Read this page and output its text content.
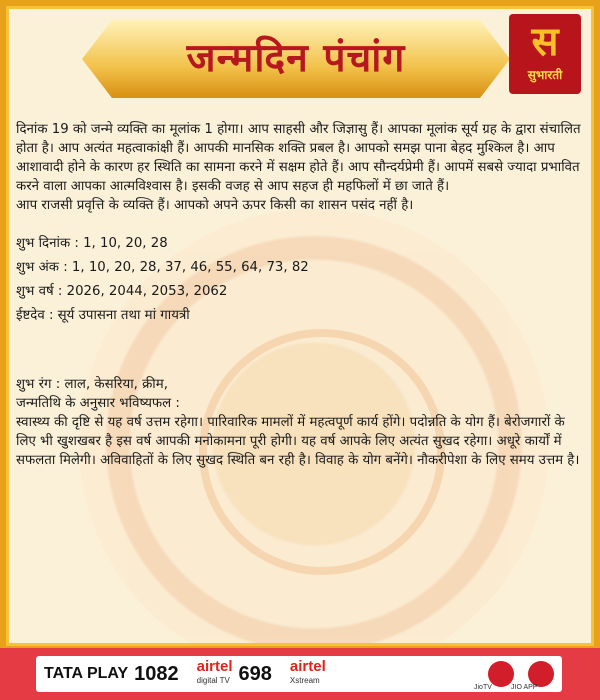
जन्मदिन पंचांग	स
सुभारती

दिनांक 19 को जन्मे व्यक्ति का मूलांक 1 होगा। आप साहसी और जिज्ञासु हैं। आपका मूलांक सूर्य ग्रह के द्वारा संचालित होता है। आप अत्यंत महत्वाकांक्षी हैं। आपकी मानसिक शक्ति प्रबल है। आपको समझ पाना बेहद मुश्किल है। आप आशावादी होने के कारण हर स्थिति का सामना करने में सक्षम होते हैं। आप सौन्दर्यप्रेमी हैं। आपमें सबसे ज्यादा प्रभावित करने वाला आपका आत्मविश्वास है। इसकी वजह से आप सहज ही महफिलों में छा जाते हैं।

आप राजसी प्रवृत्ति के व्यक्ति हैं। आपको अपने ऊपर किसी का शासन पसंद नहीं है।

शुभ दिनांक : 1, 10, 20, 28

शुभ अंक : 1, 10, 20, 28, 37, 46, 55, 64, 73, 82

शुभ वर्ष : 2026, 2044, 2053, 2062

ईष्टदेव : सूर्य उपासना तथा मां गायत्री

शुभ रंग : लाल, केसरिया, क्रीम,

जन्मतिथि के अनुसार भविष्यफल :

स्वास्थ्य की दृष्टि से यह वर्ष उत्तम रहेगा। पारिवारिक मामलों में महत्वपूर्ण कार्य होंगे। पदोन्नति के योग हैं। बेरोजगारों के लिए भी खुशखबर है इस वर्ष आपकी मनोकामना पूरी होगी। यह वर्ष आपके लिए अत्यंत सुखद रहेगा। अधूरे कार्यों में सफलता मिलेगी। अविवाहितों के लिए सुखद स्थिति बन रही है। विवाह के योग बनेंगे। नौकरीपेशा के लिए समय उत्तम है।

TATA PLAY 1082 airtel
digital TV 698 airtel
Xstream
JioTV	JIO APP
